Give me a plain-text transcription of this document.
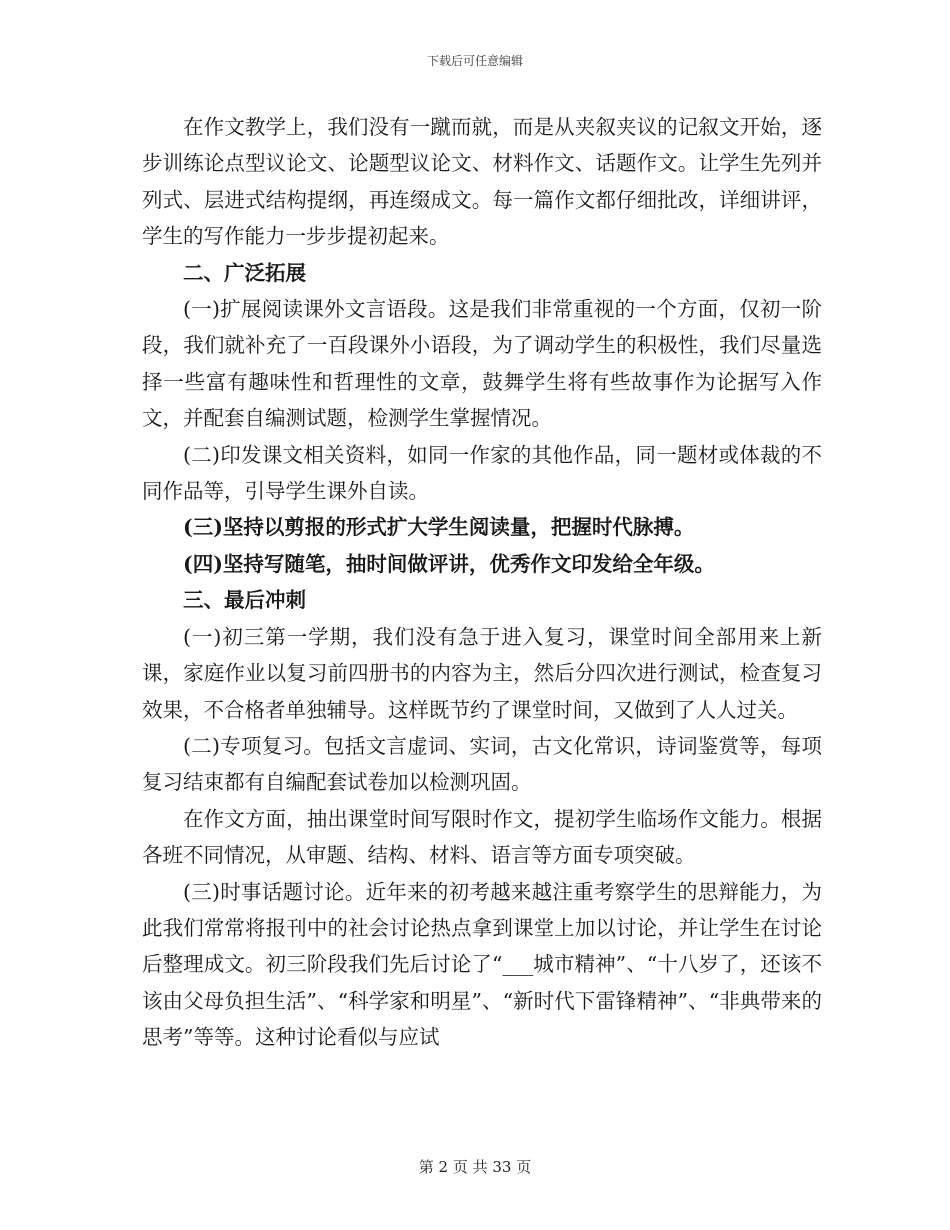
下载后可任意编辑

在作文教学上，我们没有一蹴而就，而是从夹叙夹议的记叙文开始，逐步训练论点型议论文、论题型议论文、材料作文、话题作文。让学生先列并列式、层进式结构提纲，再连缀成文。每一篇作文都仔细批改，详细讲评，学生的写作能力一步步提初起来。

二、广泛拓展

(一)扩展阅读课外文言语段。这是我们非常重视的一个方面，仅初一阶段，我们就补充了一百段课外小语段，为了调动学生的积极性，我们尽量选择一些富有趣味性和哲理性的文章，鼓舞学生将有些故事作为论据写入作文，并配套自编测试题，检测学生掌握情况。

(二)印发课文相关资料，如同一作家的其他作品，同一题材或体裁的不同作品等，引导学生课外自读。

(三)坚持以剪报的形式扩大学生阅读量，把握时代脉搏。

(四)坚持写随笔，抽时间做评讲，优秀作文印发给全年级。

三、最后冲刺

(一)初三第一学期，我们没有急于进入复习，课堂时间全部用来上新课，家庭作业以复习前四册书的内容为主，然后分四次进行测试，检查复习效果，不合格者单独辅导。这样既节约了课堂时间，又做到了人人过关。

(二)专项复习。包括文言虚词、实词，古文化常识，诗词鉴赏等，每项复习结束都有自编配套试卷加以检测巩固。

在作文方面，抽出课堂时间写限时作文，提初学生临场作文能力。根据各班不同情况，从审题、结构、材料、语言等方面专项突破。

(三)时事话题讨论。近年来的初考越来越注重考察学生的思辩能力，为此我们常常将报刊中的社会讨论热点拿到课堂上加以讨论，并让学生在讨论后整理成文。初三阶段我们先后讨论了“___城市精神”、“十八岁了，还该不该由父母负担生活”、“科学家和明星”、“新时代下雷锋精神”、“非典带来的思考”等等。这种讨论看似与应试

第 2 页 共 33 页
